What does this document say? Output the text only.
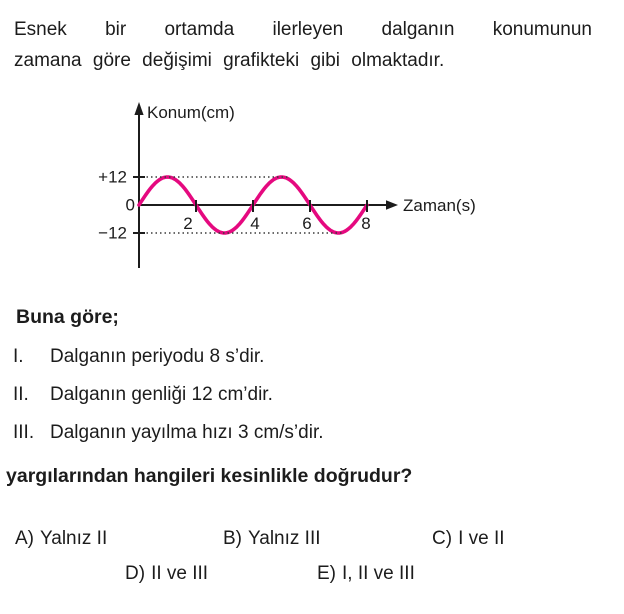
Esnek bir ortamda ilerleyen dalganın konumunun
zamana göre değişimi grafikteki gibi olmaktadır.
Konum(cm)
Zaman(s)
2	4	6	8
+12
0
−12
Buna göre;
I. Dalganın periyodu 8 s’dir.
II. Dalganın genliği 12 cm’dir.
III. Dalganın yayılma hızı 3 cm/s’dir.
yargılarından hangileri kesinlikle doğrudur?
A) Yalnız II	B) Yalnız III	C) I ve II
D) II ve III	E) I, II ve III
